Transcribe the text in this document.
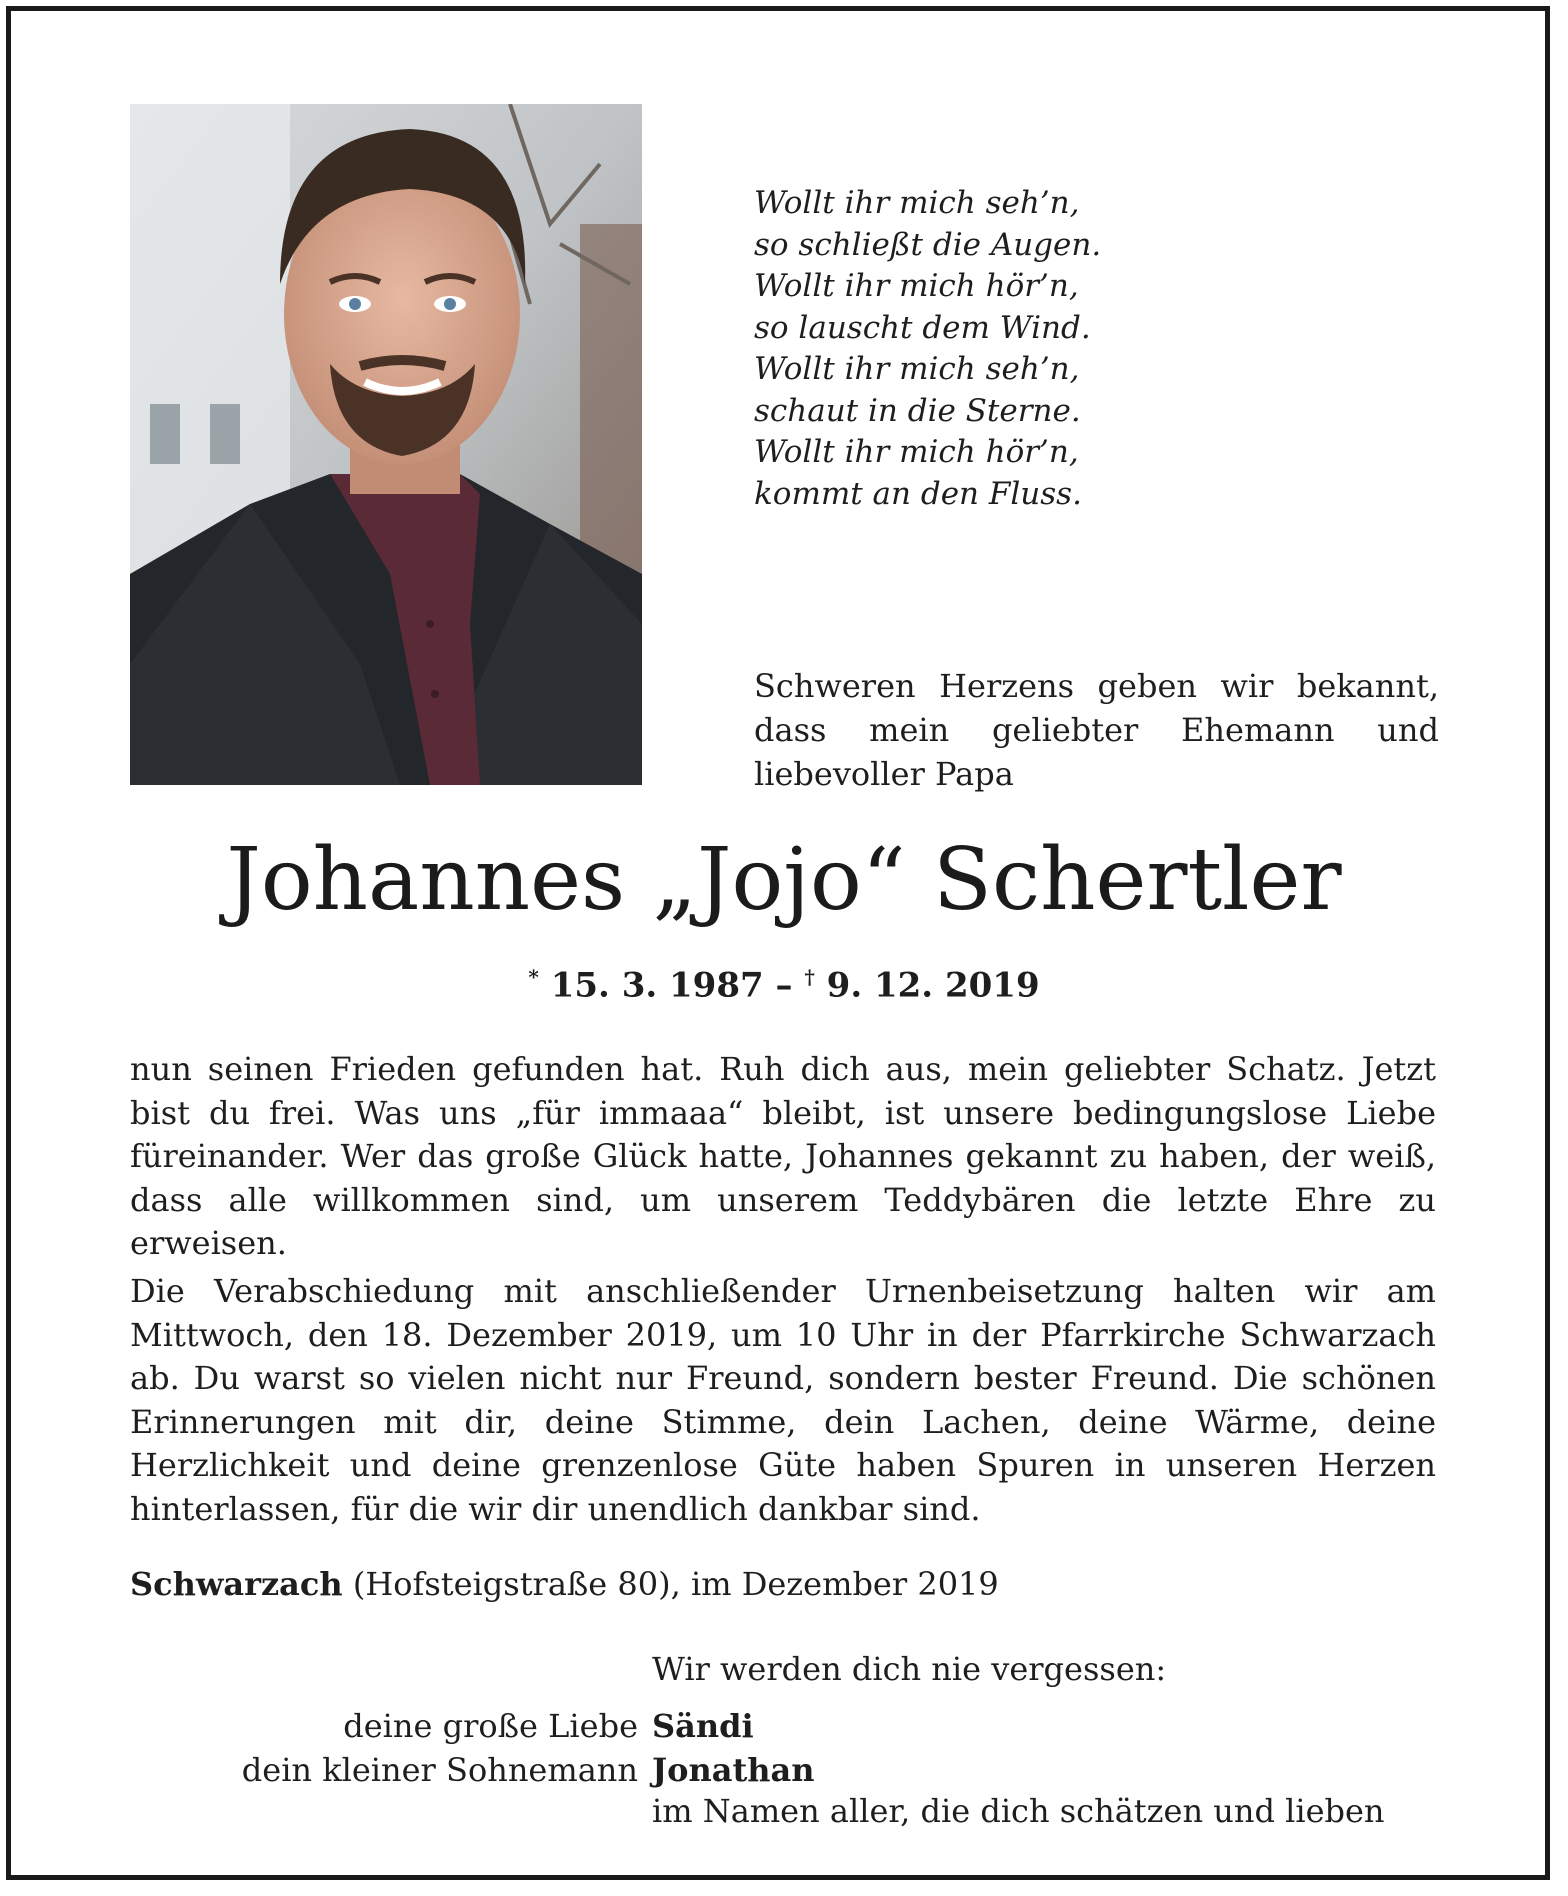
Wollt ihr mich seh’n,
so schließt die Augen.
Wollt ihr mich hör’n,
so lauscht dem Wind.
Wollt ihr mich seh’n,
schaut in die Sterne.
Wollt ihr mich hör’n,
kommt an den Fluss.
Schweren Herzens geben wir bekannt, dass mein geliebter Ehemann und liebevoller Papa
Johannes „Jojo“ Schertler
* 15. 3. 1987 – † 9. 12. 2019
nun seinen Frieden gefunden hat. Ruh dich aus, mein geliebter Schatz. Jetzt bist du frei. Was uns „für immaaa“ bleibt, ist unsere bedingungslose Liebe füreinander. Wer das große Glück hatte, Johannes gekannt zu haben, der weiß, dass alle willkommen sind, um unserem Teddybären die letzte Ehre zu erweisen.
Die Verabschiedung mit anschließender Urnenbeisetzung halten wir am Mittwoch, den 18. Dezember 2019, um 10 Uhr in der Pfarrkirche Schwarzach ab. Du warst so vielen nicht nur Freund, sondern bester Freund. Die schönen Erinnerungen mit dir, deine Stimme, dein Lachen, deine Wärme, deine Herzlichkeit und deine grenzenlose Güte haben Spuren in unseren Herzen hinterlassen, für die wir dir unendlich dankbar sind.
Schwarzach (Hofsteigstraße 80), im Dezember 2019
Wir werden dich nie vergessen:
deine große Liebe Sändi
dein kleiner Sohnemann Jonathan
im Namen aller, die dich schätzen und lieben
